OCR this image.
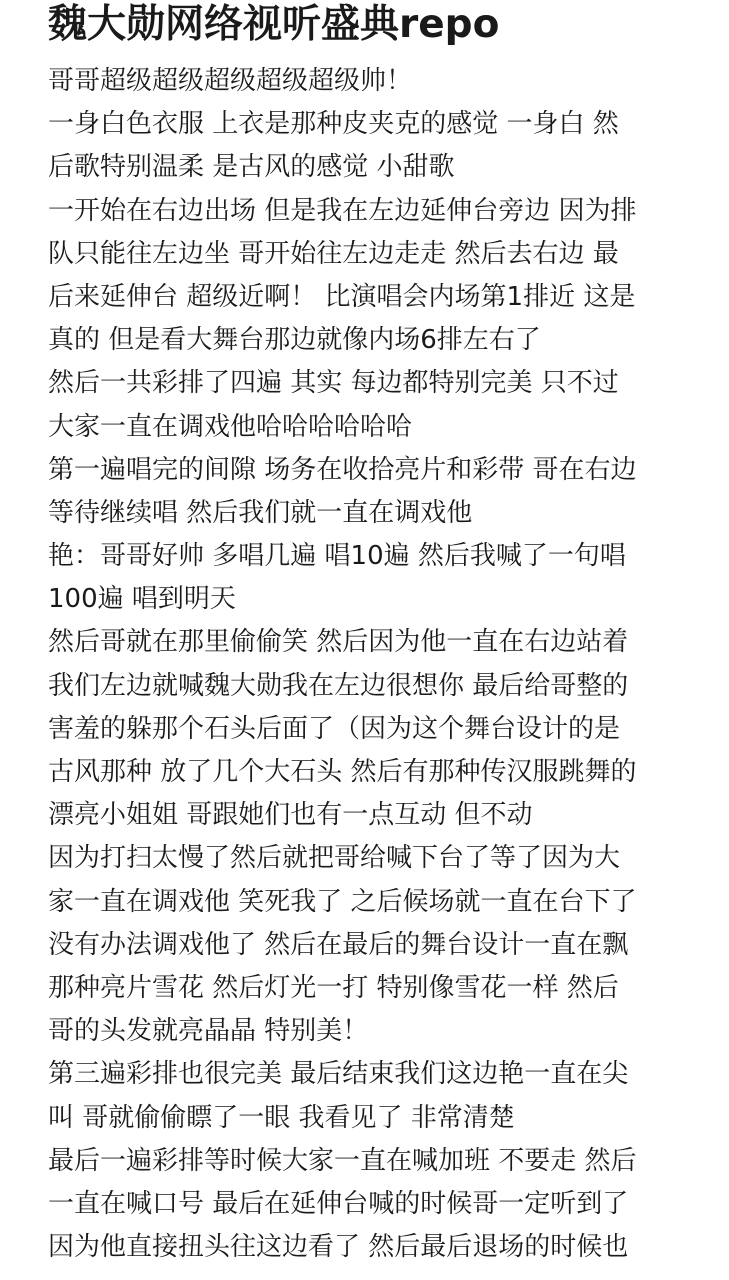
魏大勋网络视听盛典repo
哥哥超级超级超级超级超级帅！
一身白色衣服 上衣是那种皮夹克的感觉 一身白 然
后歌特别温柔 是古风的感觉 小甜歌
一开始在右边出场 但是我在左边延伸台旁边 因为排
队只能往左边坐 哥开始往左边走走 然后去右边 最
后来延伸台 超级近啊！ 比演唱会内场第1排近 这是
真的 但是看大舞台那边就像内场6排左右了
然后一共彩排了四遍 其实 每边都特别完美 只不过
大家一直在调戏他哈哈哈哈哈哈
第一遍唱完的间隙 场务在收拾亮片和彩带 哥在右边
等待继续唱 然后我们就一直在调戏他
艳：哥哥好帅 多唱几遍 唱10遍 然后我喊了一句唱
100遍 唱到明天
然后哥就在那里偷偷笑 然后因为他一直在右边站着
我们左边就喊魏大勋我在左边很想你 最后给哥整的
害羞的躲那个石头后面了（因为这个舞台设计的是
古风那种 放了几个大石头 然后有那种传汉服跳舞的
漂亮小姐姐 哥跟她们也有一点互动 但不动
因为打扫太慢了然后就把哥给喊下台了等了因为大
家一直在调戏他 笑死我了 之后候场就一直在台下了
没有办法调戏他了 然后在最后的舞台设计一直在飘
那种亮片雪花 然后灯光一打 特别像雪花一样 然后
哥的头发就亮晶晶 特别美！
第三遍彩排也很完美 最后结束我们这边艳一直在尖
叫 哥就偷偷瞟了一眼 我看见了 非常清楚
最后一遍彩排等时候大家一直在喊加班 不要走 然后
一直在喊口号 最后在延伸台喊的时候哥一定听到了
因为他直接扭头往这边看了 然后最后退场的时候也
